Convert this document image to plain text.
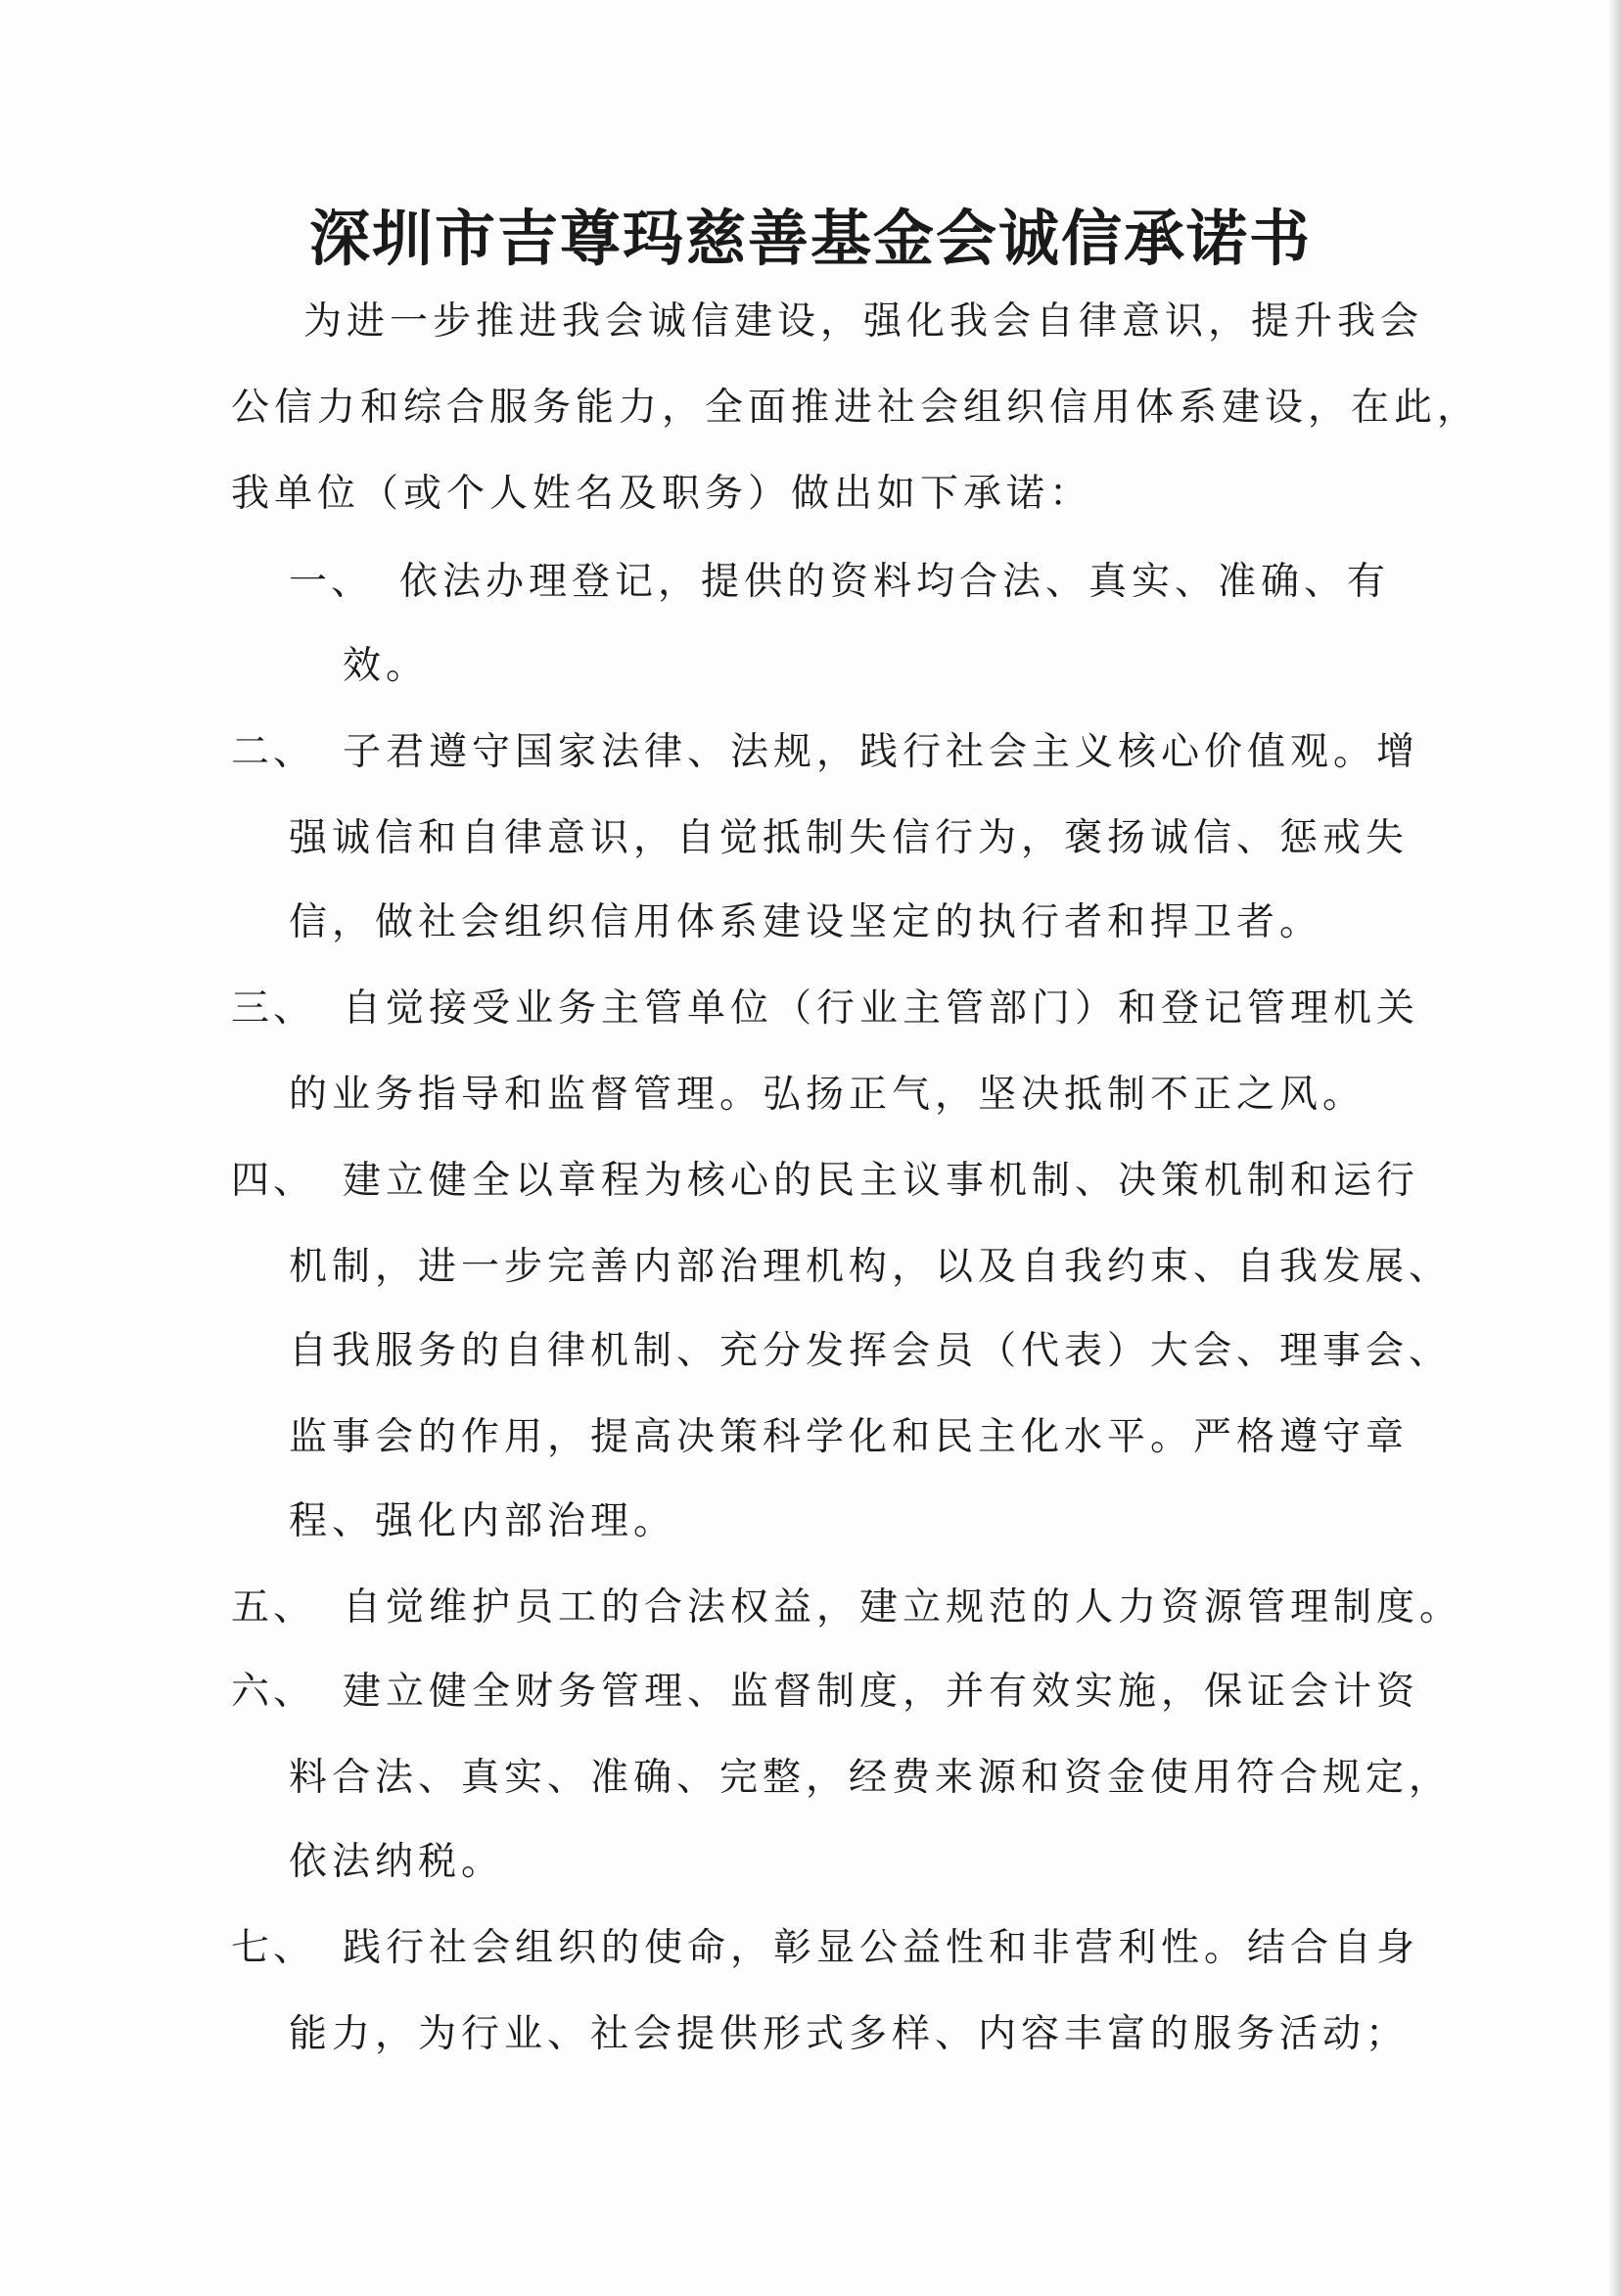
深圳市吉尊玛慈善基金会诚信承诺书

为进一步推进我会诚信建设，强化我会自律意识，提升我会

公信力和综合服务能力，全面推进社会组织信用体系建设，在此，

我单位（或个人姓名及职务）做出如下承诺：

一、 依法办理登记，提供的资料均合法、真实、准确、有
效。
二、 子君遵守国家法律、法规，践行社会主义核心价值观。增
强诚信和自律意识，自觉抵制失信行为，褒扬诚信、惩戒失
信，做社会组织信用体系建设坚定的执行者和捍卫者。
三、 自觉接受业务主管单位（行业主管部门）和登记管理机关
的业务指导和监督管理。弘扬正气，坚决抵制不正之风。
四、 建立健全以章程为核心的民主议事机制、决策机制和运行
机制，进一步完善内部治理机构，以及自我约束、自我发展、
自我服务的自律机制、充分发挥会员（代表）大会、理事会、
监事会的作用，提高决策科学化和民主化水平。严格遵守章
程、强化内部治理。
五、 自觉维护员工的合法权益，建立规范的人力资源管理制度。
六、 建立健全财务管理、监督制度，并有效实施，保证会计资
料合法、真实、准确、完整，经费来源和资金使用符合规定，
依法纳税。
七、 践行社会组织的使命，彰显公益性和非营利性。结合自身
能力，为行业、社会提供形式多样、内容丰富的服务活动；
